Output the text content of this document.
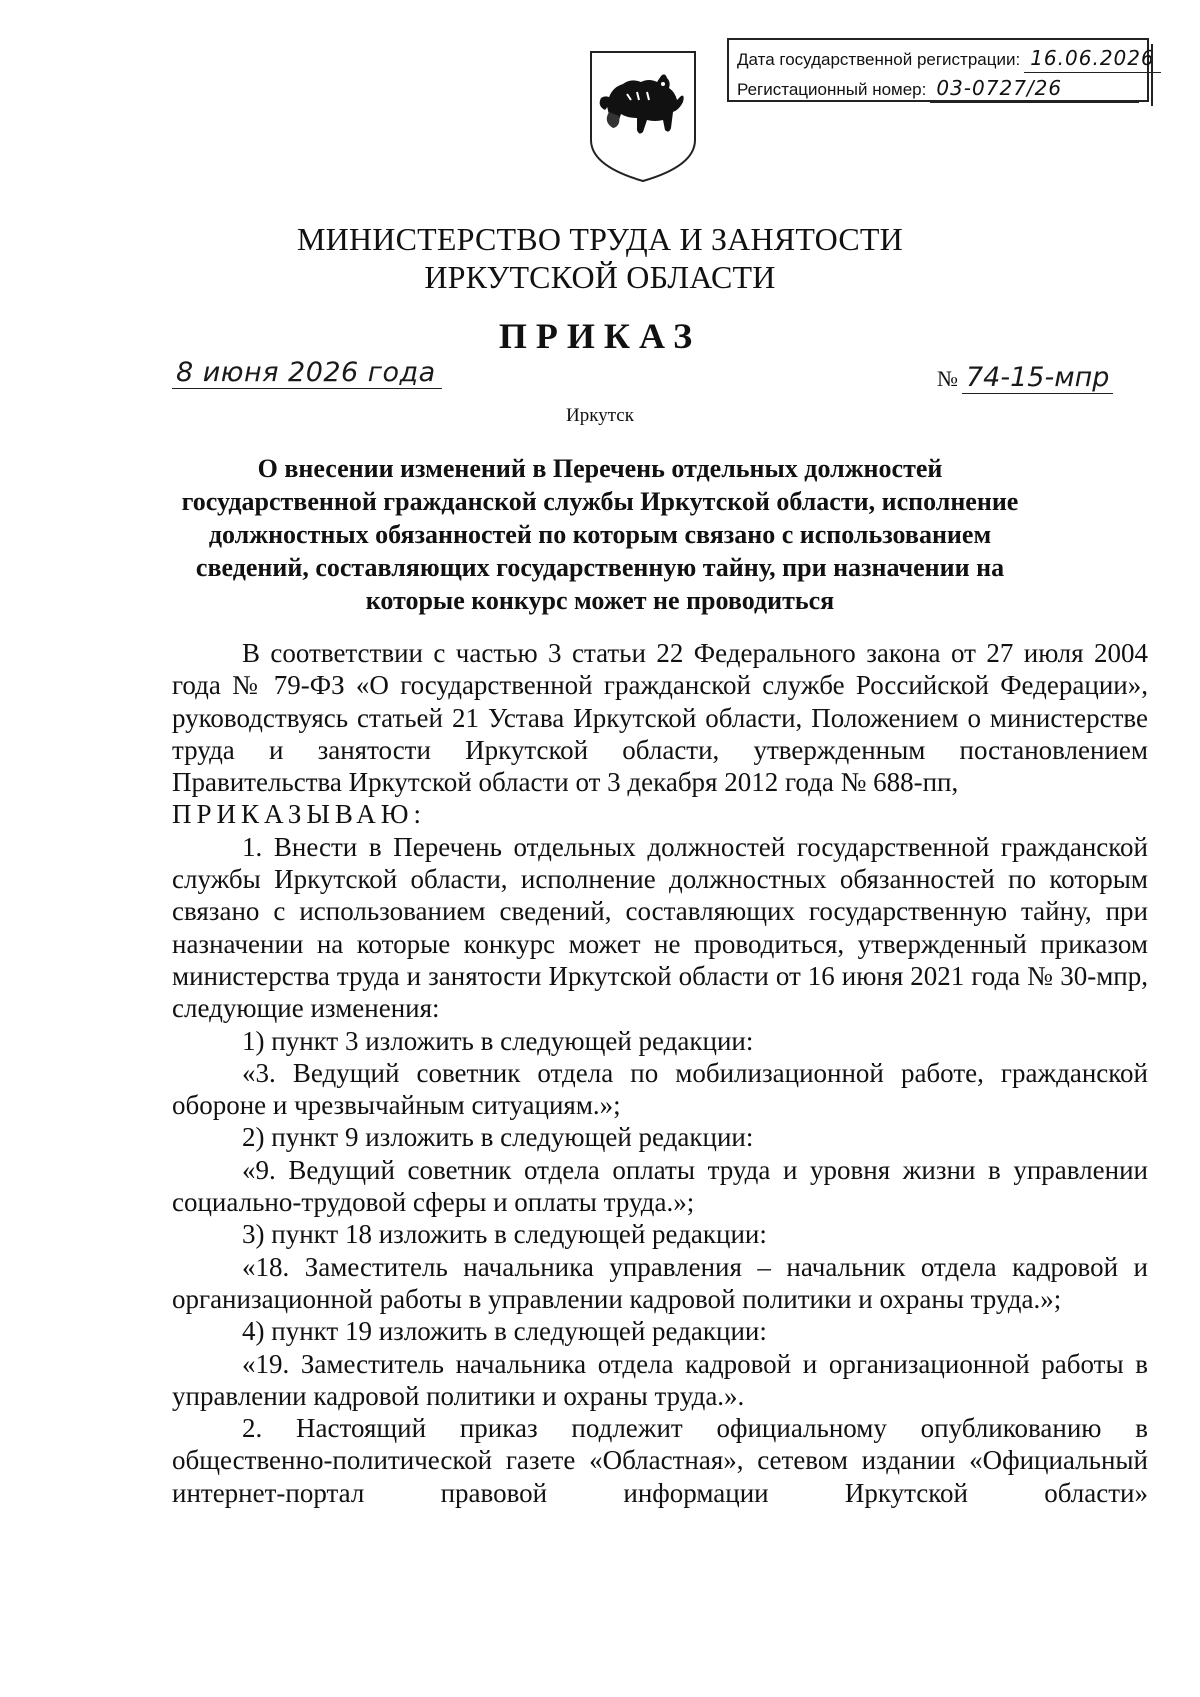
Дата государственной регистрации: 16.06.2026
Регистационный номер: 03-0727/26
МИНИСТЕРСТВО ТРУДА И ЗАНЯТОСТИ
ИРКУТСКОЙ ОБЛАСТИ
ПРИКАЗ
8 июня 2026 года	№ 74-15-мпр
Иркутск
О внесении изменений в Перечень отдельных должностей государственной гражданской службы Иркутской области, исполнение должностных обязанностей по которым связано с использованием сведений, составляющих государственную тайну, при назначении на которые конкурс может не проводиться

В соответствии с частью 3 статьи 22 Федерального закона от 27 июля 2004 года № 79-ФЗ «О государственной гражданской службе Российской Федерации», руководствуясь статьей 21 Устава Иркутской области, Положением о министерстве труда и занятости Иркутской области, утвержденным постановлением Правительства Иркутской области от 3 декабря 2012 года № 688-пп,

ПРИКАЗЫВАЮ:

1. Внести в Перечень отдельных должностей государственной гражданской службы Иркутской области, исполнение должностных обязанностей по которым связано с использованием сведений, составляющих государственную тайну, при назначении на которые конкурс может не проводиться, утвержденный приказом министерства труда и занятости Иркутской области от 16 июня 2021 года № 30-мпр, следующие изменения:

1) пункт 3 изложить в следующей редакции:

«3. Ведущий советник отдела по мобилизационной работе, гражданской обороне и чрезвычайным ситуациям.»;

2) пункт 9 изложить в следующей редакции:

«9. Ведущий советник отдела оплаты труда и уровня жизни в управлении социально-трудовой сферы и оплаты труда.»;

3) пункт 18 изложить в следующей редакции:

«18. Заместитель начальника управления – начальник отдела кадровой и организационной работы в управлении кадровой политики и охраны труда.»;

4) пункт 19 изложить в следующей редакции:

«19. Заместитель начальника отдела кадровой и организационной работы в управлении кадровой политики и охраны труда.».

2. Настоящий приказ подлежит официальному опубликованию в общественно-политической газете «Областная», сетевом издании «Официальный интернет-портал правовой информации Иркутской области»
